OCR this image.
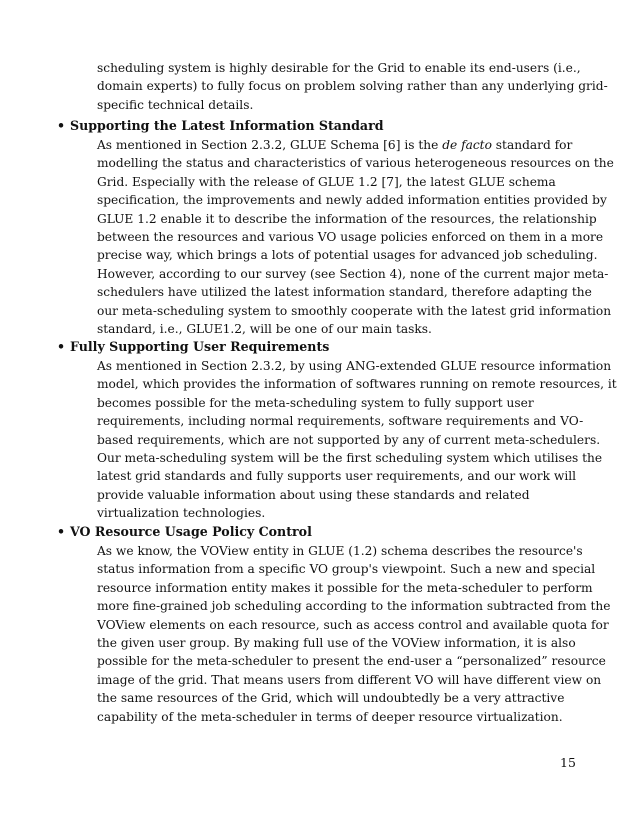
scheduling system is highly desirable for the Grid to enable its end-users (i.e.,
domain experts) to fully focus on problem solving rather than any underlying grid-
specific technical details.
• Supporting the Latest Information Standard
As mentioned in Section 2.3.2, GLUE Schema [6] is the de facto standard for
modelling the status and characteristics of various heterogeneous resources on the
Grid. Especially with the release of GLUE 1.2 [7], the latest GLUE schema
specification, the improvements and newly added information entities provided by
GLUE 1.2 enable it to describe the information of the resources, the relationship
between the resources and various VO usage policies enforced on them in a more
precise way, which brings a lots of potential usages for advanced job scheduling.
However, according to our survey (see Section 4), none of the current major meta-
schedulers have utilized the latest information standard, therefore adapting the
our meta-scheduling system to smoothly cooperate with the latest grid information
standard, i.e., GLUE1.2, will be one of our main tasks.
• Fully Supporting User Requirements
As mentioned in Section 2.3.2, by using ANG-extended GLUE resource information
model, which provides the information of softwares running on remote resources, it
becomes possible for the meta-scheduling system to fully support user
requirements, including normal requirements, software requirements and VO-
based requirements, which are not supported by any of current meta-schedulers.
Our meta-scheduling system will be the first scheduling system which utilises the
latest grid standards and fully supports user requirements, and our work will
provide valuable information about using these standards and related
virtualization technologies.
• VO Resource Usage Policy Control
As we know, the VOView entity in GLUE (1.2) schema describes the resource's
status information from a specific VO group's viewpoint. Such a new and special
resource information entity makes it possible for the meta-scheduler to perform
more fine-grained job scheduling according to the information subtracted from the
VOView elements on each resource, such as access control and available quota for
the given user group. By making full use of the VOView information, it is also
possible for the meta-scheduler to present the end-user a “personalized” resource
image of the grid. That means users from different VO will have different view on
the same resources of the Grid, which will undoubtedly be a very attractive
capability of the meta-scheduler in terms of deeper resource virtualization.
15
